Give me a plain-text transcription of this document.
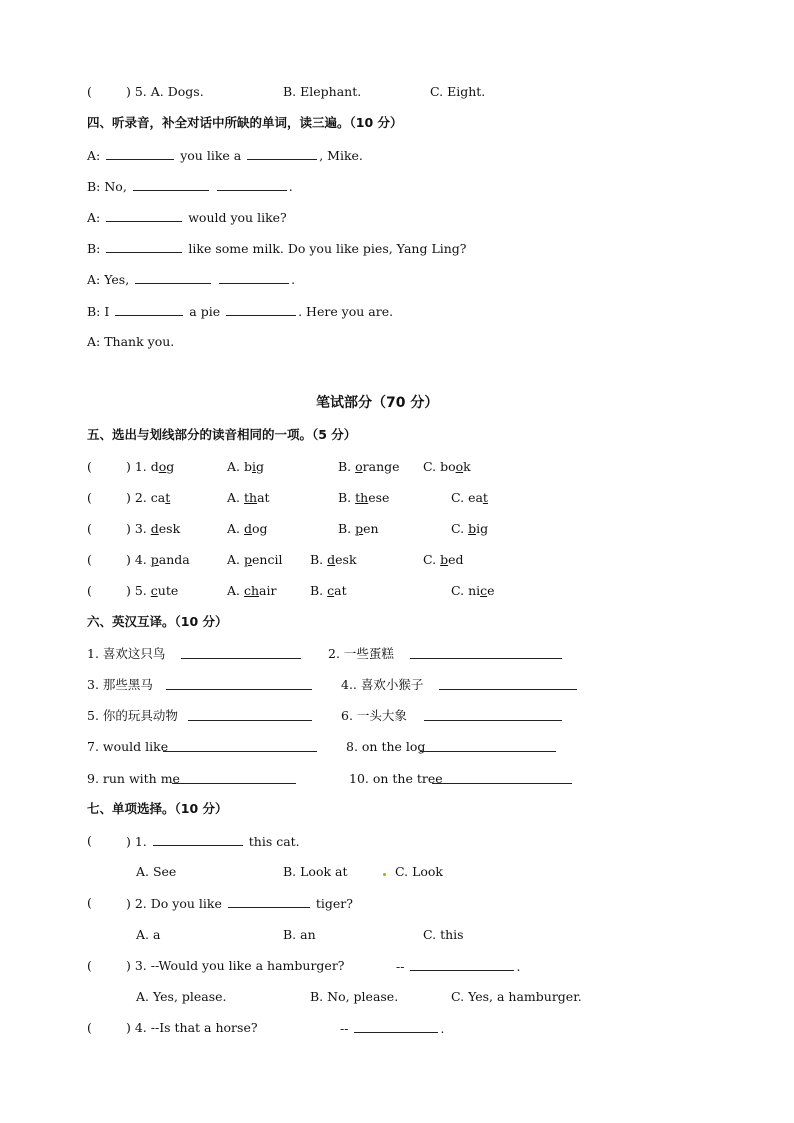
(	) 5. A. Dogs.	B. Elephant.	C. Eight.
四、听录音，补全对话中所缺的单词，读三遍。（10 分）
A:	you like a	, Mike.
B: No,	.
A:	would you like?
B:	like some milk. Do you like pies, Yang Ling?
A: Yes,	.
B: I	a pie	. Here you are.
A: Thank you.
笔试部分（70 分）
五、选出与划线部分的读音相同的一项。（5 分）
(	) 1. dog	A. big	B. orange C. book
(	) 2. cat	A. that	B. these	C. eat
(	) 3. desk	A. dog	B. pen	C. big
(	) 4. panda	A. pencil B. desk	C. bed
(	) 5. cute	A. chair	B. cat	C. nice
六、英汉互译。（10 分）
1. 喜欢这只鸟	2. 一些蛋糕
3. 那些黑马	4.. 喜欢小猴子
5. 你的玩具动物	6. 一头大象
7. would like	8. on the log
9. run with me	10. on the tree
七、单项选择。（10 分）
(	) 1.	this cat.
A. See	B. Look at	C. Look
(	) 2. Do you like	tiger?
A. a	B. an	C. this
(	) 3. --Would you like a hamburger?	--	.
A. Yes, please.	B. No, please.	C. Yes, a hamburger.
(	) 4. --Is that a horse?	--	.
